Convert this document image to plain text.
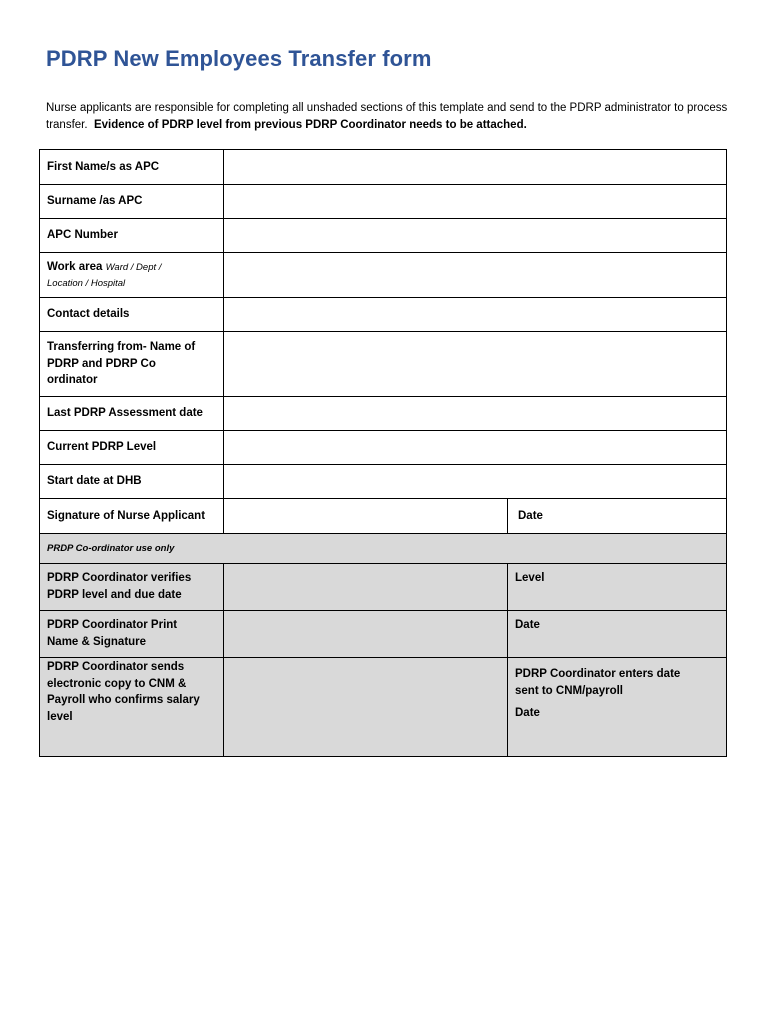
PDRP New Employees Transfer form

Nurse applicants are responsible for completing all unshaded sections of this template and send to the PDRP administrator to process transfer. Evidence of PDRP level from previous PDRP Coordinator needs to be attached.

First Name/s as APC		
Surname /as APC		
APC Number		
Work area Ward / Dept /
Location / Hospital		
Contact details		
Transferring from- Name of
PDRP and PDRP Co
ordinator		
Last PDRP Assessment date		
Current PDRP Level		
Start date at DHB		
Signature of Nurse Applicant		Date
PRDP Co-ordinator use only		
PDRP Coordinator verifies
PDRP level and due date		Level
PDRP Coordinator Print
Name & Signature		Date
PDRP Coordinator sends
electronic copy to CNM &
Payroll who confirms salary
level		PDRP Coordinator enters date
sent to CNM/payroll
Date
